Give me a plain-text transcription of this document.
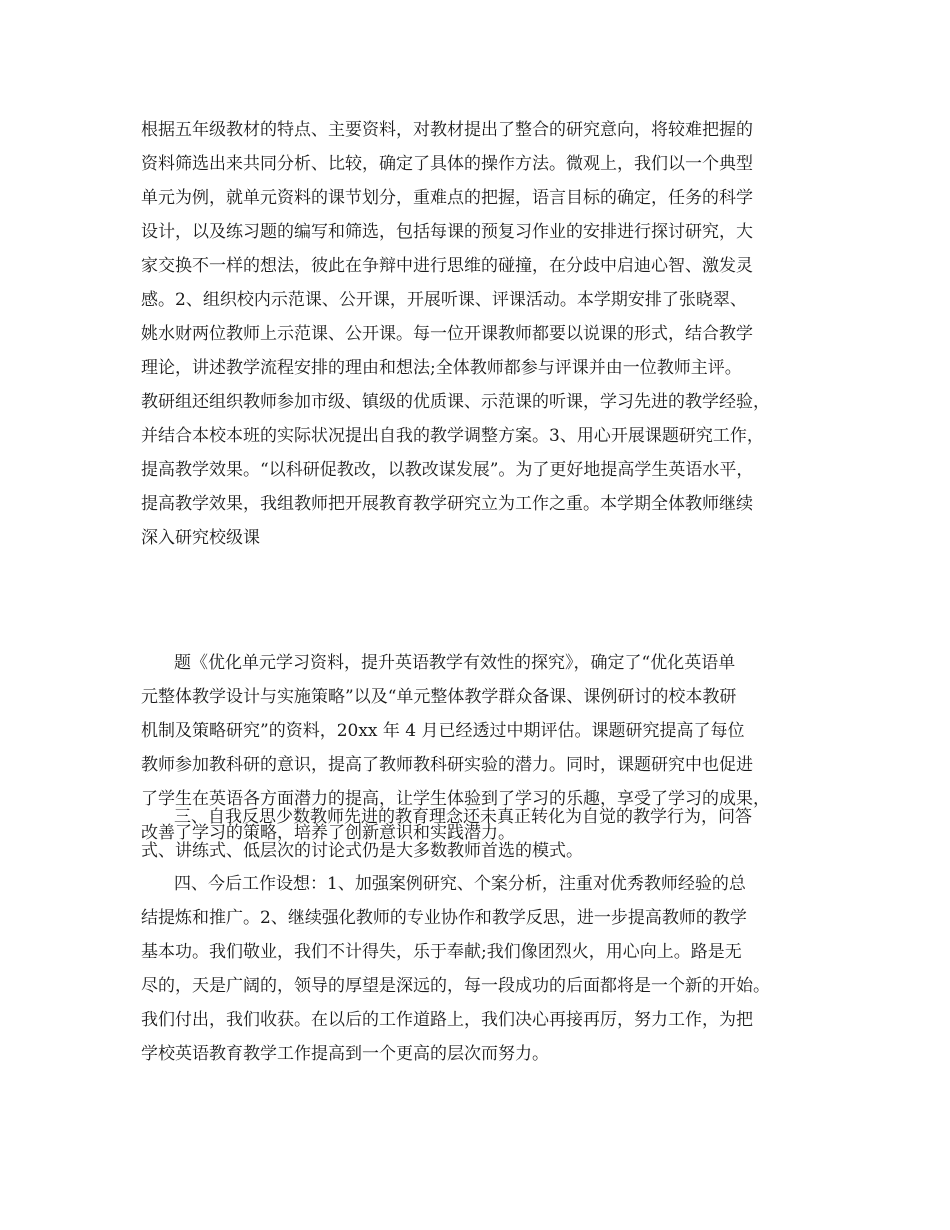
根据五年级教材的特点、主要资料，对教材提出了整合的研究意向，将较难把握的
资料筛选出来共同分析、比较，确定了具体的操作方法。微观上，我们以一个典型
单元为例，就单元资料的课节划分，重难点的把握，语言目标的确定，任务的科学
设计，以及练习题的编写和筛选，包括每课的预复习作业的安排进行探讨研究，大
家交换不一样的想法，彼此在争辩中进行思维的碰撞，在分歧中启迪心智、激发灵
感。2、组织校内示范课、公开课，开展听课、评课活动。本学期安排了张晓翠、
姚水财两位教师上示范课、公开课。每一位开课教师都要以说课的形式，结合教学
理论，讲述教学流程安排的理由和想法;全体教师都参与评课并由一位教师主评。
教研组还组织教师参加市级、镇级的优质课、示范课的听课，学习先进的教学经验，
并结合本校本班的实际状况提出自我的教学调整方案。3、用心开展课题研究工作，
提高教学效果。“以科研促教改，以教改谋发展”。为了更好地提高学生英语水平，
提高教学效果，我组教师把开展教育教学研究立为工作之重。本学期全体教师继续
深入研究校级课
题《优化单元学习资料，提升英语教学有效性的探究》，确定了“优化英语单
元整体教学设计与实施策略”以及“单元整体教学群众备课、课例研讨的校本教研
机制及策略研究”的资料，20xx 年 4 月已经透过中期评估。课题研究提高了每位
教师参加教科研的意识，提高了教师教科研实验的潜力。同时，课题研究中也促进
了学生在英语各方面潜力的提高，让学生体验到了学习的乐趣，享受了学习的成果，
改善了学习的策略，培养了创新意识和实践潜力。
三、自我反思少数教师先进的教育理念还未真正转化为自觉的教学行为，问答
式、讲练式、低层次的讨论式仍是大多数教师首选的模式。
四、今后工作设想：1、加强案例研究、个案分析，注重对优秀教师经验的总
结提炼和推广。2、继续强化教师的专业协作和教学反思，进一步提高教师的教学
基本功。我们敬业，我们不计得失，乐于奉献;我们像团烈火，用心向上。路是无
尽的，天是广阔的，领导的厚望是深远的，每一段成功的后面都将是一个新的开始。
我们付出，我们收获。在以后的工作道路上，我们决心再接再厉，努力工作，为把
学校英语教育教学工作提高到一个更高的层次而努力。
